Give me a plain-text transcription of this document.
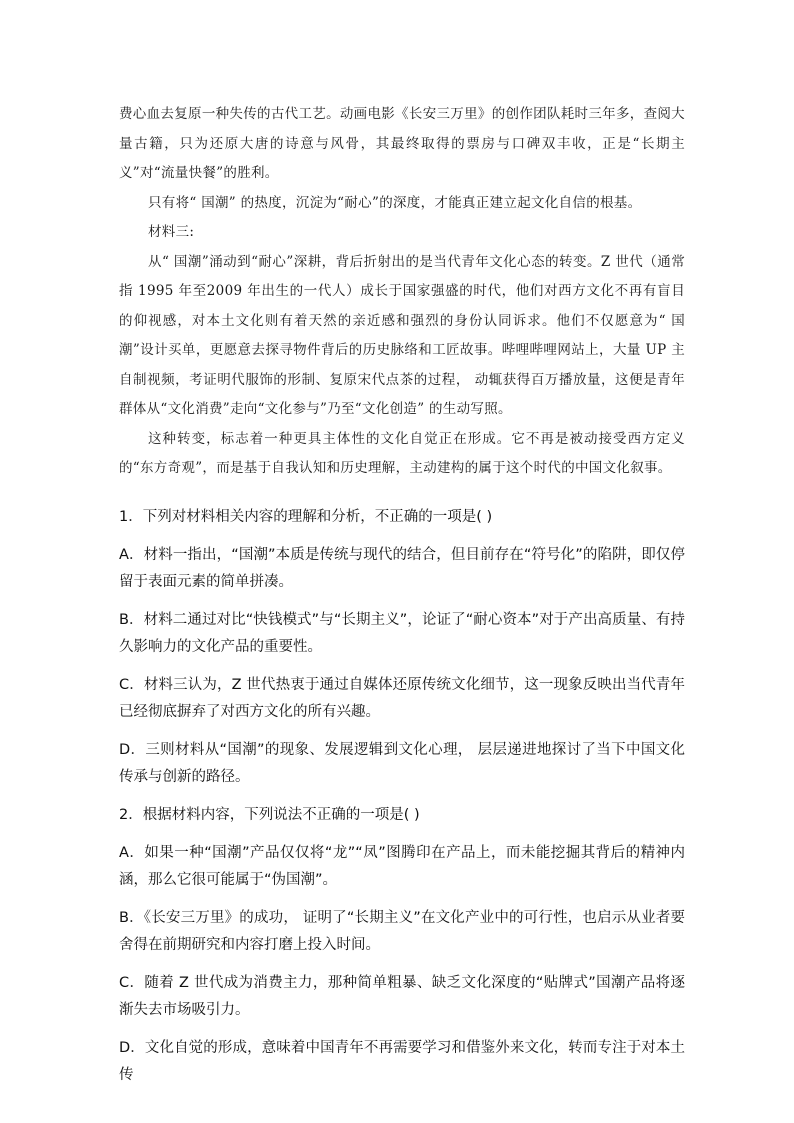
费心血去复原一种失传的古代工艺。动画电影《长安三万里》的创作团队耗时三年多，查阅大量古籍，只为还原大唐的诗意与风骨，其最终取得的票房与口碑双丰收，正是“长期主义”对“流量快餐”的胜利。

只有将“ 国潮” 的热度，沉淀为“耐心”的深度，才能真正建立起文化自信的根基。

材料三:

从“ 国潮”涌动到“耐心”深耕，背后折射出的是当代青年文化心态的转变。Z 世代（通常指 1995 年至2009 年出生的一代人）成长于国家强盛的时代，他们对西方文化不再有盲目的仰视感，对本土文化则有着天然的亲近感和强烈的身份认同诉求。他们不仅愿意为“ 国潮”设计买单，更愿意去探寻物件背后的历史脉络和工匠故事。哔哩哔哩网站上，大量 UP 主自制视频，考证明代服饰的形制、复原宋代点茶的过程， 动辄获得百万播放量，这便是青年群体从“文化消费”走向“文化参与”乃至“文化创造” 的生动写照。

这种转变，标志着一种更具主体性的文化自觉正在形成。它不再是被动接受西方定义的“东方奇观”，而是基于自我认知和历史理解，主动建构的属于这个时代的中国文化叙事。

1．下列对材料相关内容的理解和分析，不正确的一项是( )

A．材料一指出，“国潮”本质是传统与现代的结合，但目前存在“符号化”的陷阱，即仅停留于表面元素的简单拼凑。

B．材料二通过对比“快钱模式”与“长期主义”，论证了“耐心资本”对于产出高质量、有持久影响力的文化产品的重要性。

C．材料三认为，Z 世代热衷于通过自媒体还原传统文化细节，这一现象反映出当代青年已经彻底摒弃了对西方文化的所有兴趣。

D．三则材料从“国潮”的现象、发展逻辑到文化心理， 层层递进地探讨了当下中国文化传承与创新的路径。

2．根据材料内容，下列说法不正确的一项是( )

A．如果一种“国潮”产品仅仅将“龙”“凤”图腾印在产品上，而未能挖掘其背后的精神内涵，那么它很可能属于“伪国潮”。

B．《长安三万里》的成功， 证明了“长期主义”在文化产业中的可行性，也启示从业者要舍得在前期研究和内容打磨上投入时间。

C．随着 Z 世代成为消费主力，那种简单粗暴、缺乏文化深度的“贴牌式”国潮产品将逐渐失去市场吸引力。

D．文化自觉的形成，意味着中国青年不再需要学习和借鉴外来文化，转而专注于对本土传
